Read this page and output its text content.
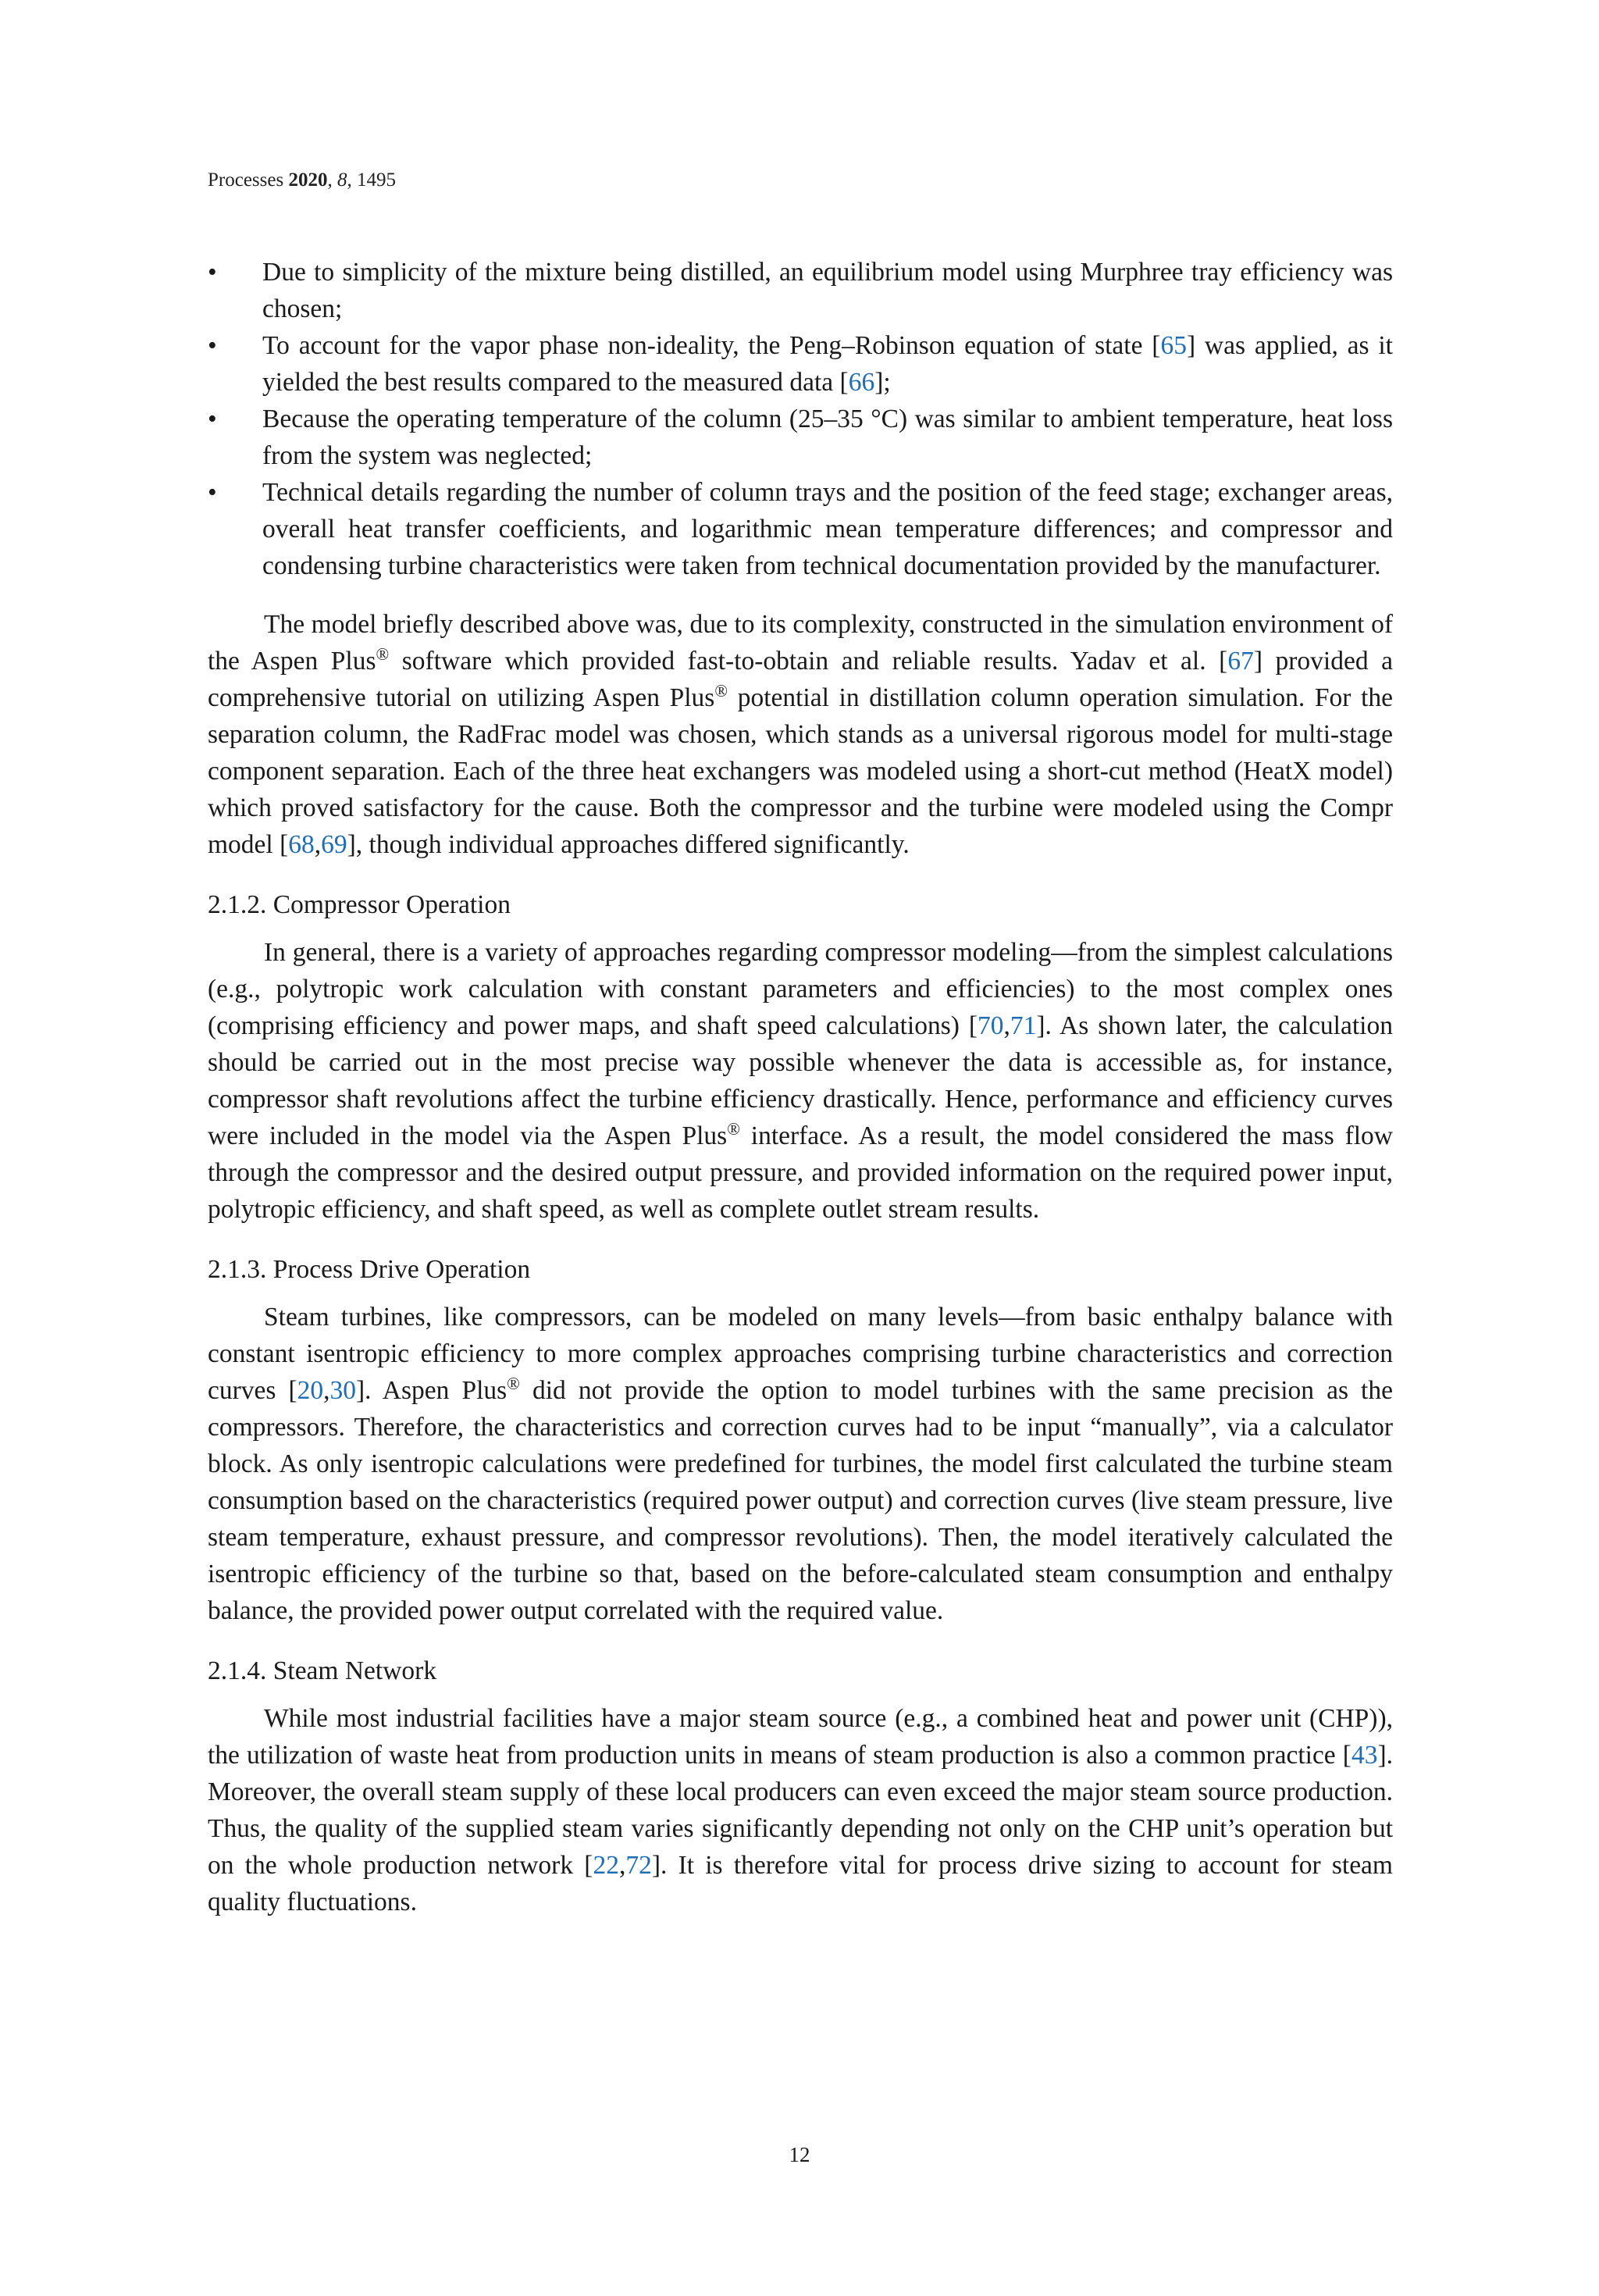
Processes 2020, 8, 1495
•	Due to simplicity of the mixture being distilled, an equilibrium model using Murphree tray efficiency was chosen;
•	To account for the vapor phase non-ideality, the Peng–Robinson equation of state [65] was applied, as it yielded the best results compared to the measured data [66];
•	Because the operating temperature of the column (25–35 °C) was similar to ambient temperature, heat loss from the system was neglected;
•	Technical details regarding the number of column trays and the position of the feed stage; exchanger areas, overall heat transfer coefficients, and logarithmic mean temperature differences; and compressor and condensing turbine characteristics were taken from technical documentation provided by the manufacturer.

The model briefly described above was, due to its complexity, constructed in the simulation environment of the Aspen Plus® software which provided fast-to-obtain and reliable results. Yadav et al. [67] provided a comprehensive tutorial on utilizing Aspen Plus® potential in distillation column operation simulation. For the separation column, the RadFrac model was chosen, which stands as a universal rigorous model for multi-stage component separation. Each of the three heat exchangers was modeled using a short-cut method (HeatX model) which proved satisfactory for the cause. Both the compressor and the turbine were modeled using the Compr model [68,69], though individual approaches differed significantly.

2.1.2. Compressor Operation

In general, there is a variety of approaches regarding compressor modeling—from the simplest calculations (e.g., polytropic work calculation with constant parameters and efficiencies) to the most complex ones (comprising efficiency and power maps, and shaft speed calculations) [70,71]. As shown later, the calculation should be carried out in the most precise way possible whenever the data is accessible as, for instance, compressor shaft revolutions affect the turbine efficiency drastically. Hence, performance and efficiency curves were included in the model via the Aspen Plus® interface. As a result, the model considered the mass flow through the compressor and the desired output pressure, and provided information on the required power input, polytropic efficiency, and shaft speed, as well as complete outlet stream results.

2.1.3. Process Drive Operation

Steam turbines, like compressors, can be modeled on many levels—from basic enthalpy balance with constant isentropic efficiency to more complex approaches comprising turbine characteristics and correction curves [20,30]. Aspen Plus® did not provide the option to model turbines with the same precision as the compressors. Therefore, the characteristics and correction curves had to be input “manually”, via a calculator block. As only isentropic calculations were predefined for turbines, the model first calculated the turbine steam consumption based on the characteristics (required power output) and correction curves (live steam pressure, live steam temperature, exhaust pressure, and compressor revolutions). Then, the model iteratively calculated the isentropic efficiency of the turbine so that, based on the before-calculated steam consumption and enthalpy balance, the provided power output correlated with the required value.

2.1.4. Steam Network

While most industrial facilities have a major steam source (e.g., a combined heat and power unit (CHP)), the utilization of waste heat from production units in means of steam production is also a common practice [43]. Moreover, the overall steam supply of these local producers can even exceed the major steam source production. Thus, the quality of the supplied steam varies significantly depending not only on the CHP unit’s operation but on the whole production network [22,72]. It is therefore vital for process drive sizing to account for steam quality fluctuations.

12
